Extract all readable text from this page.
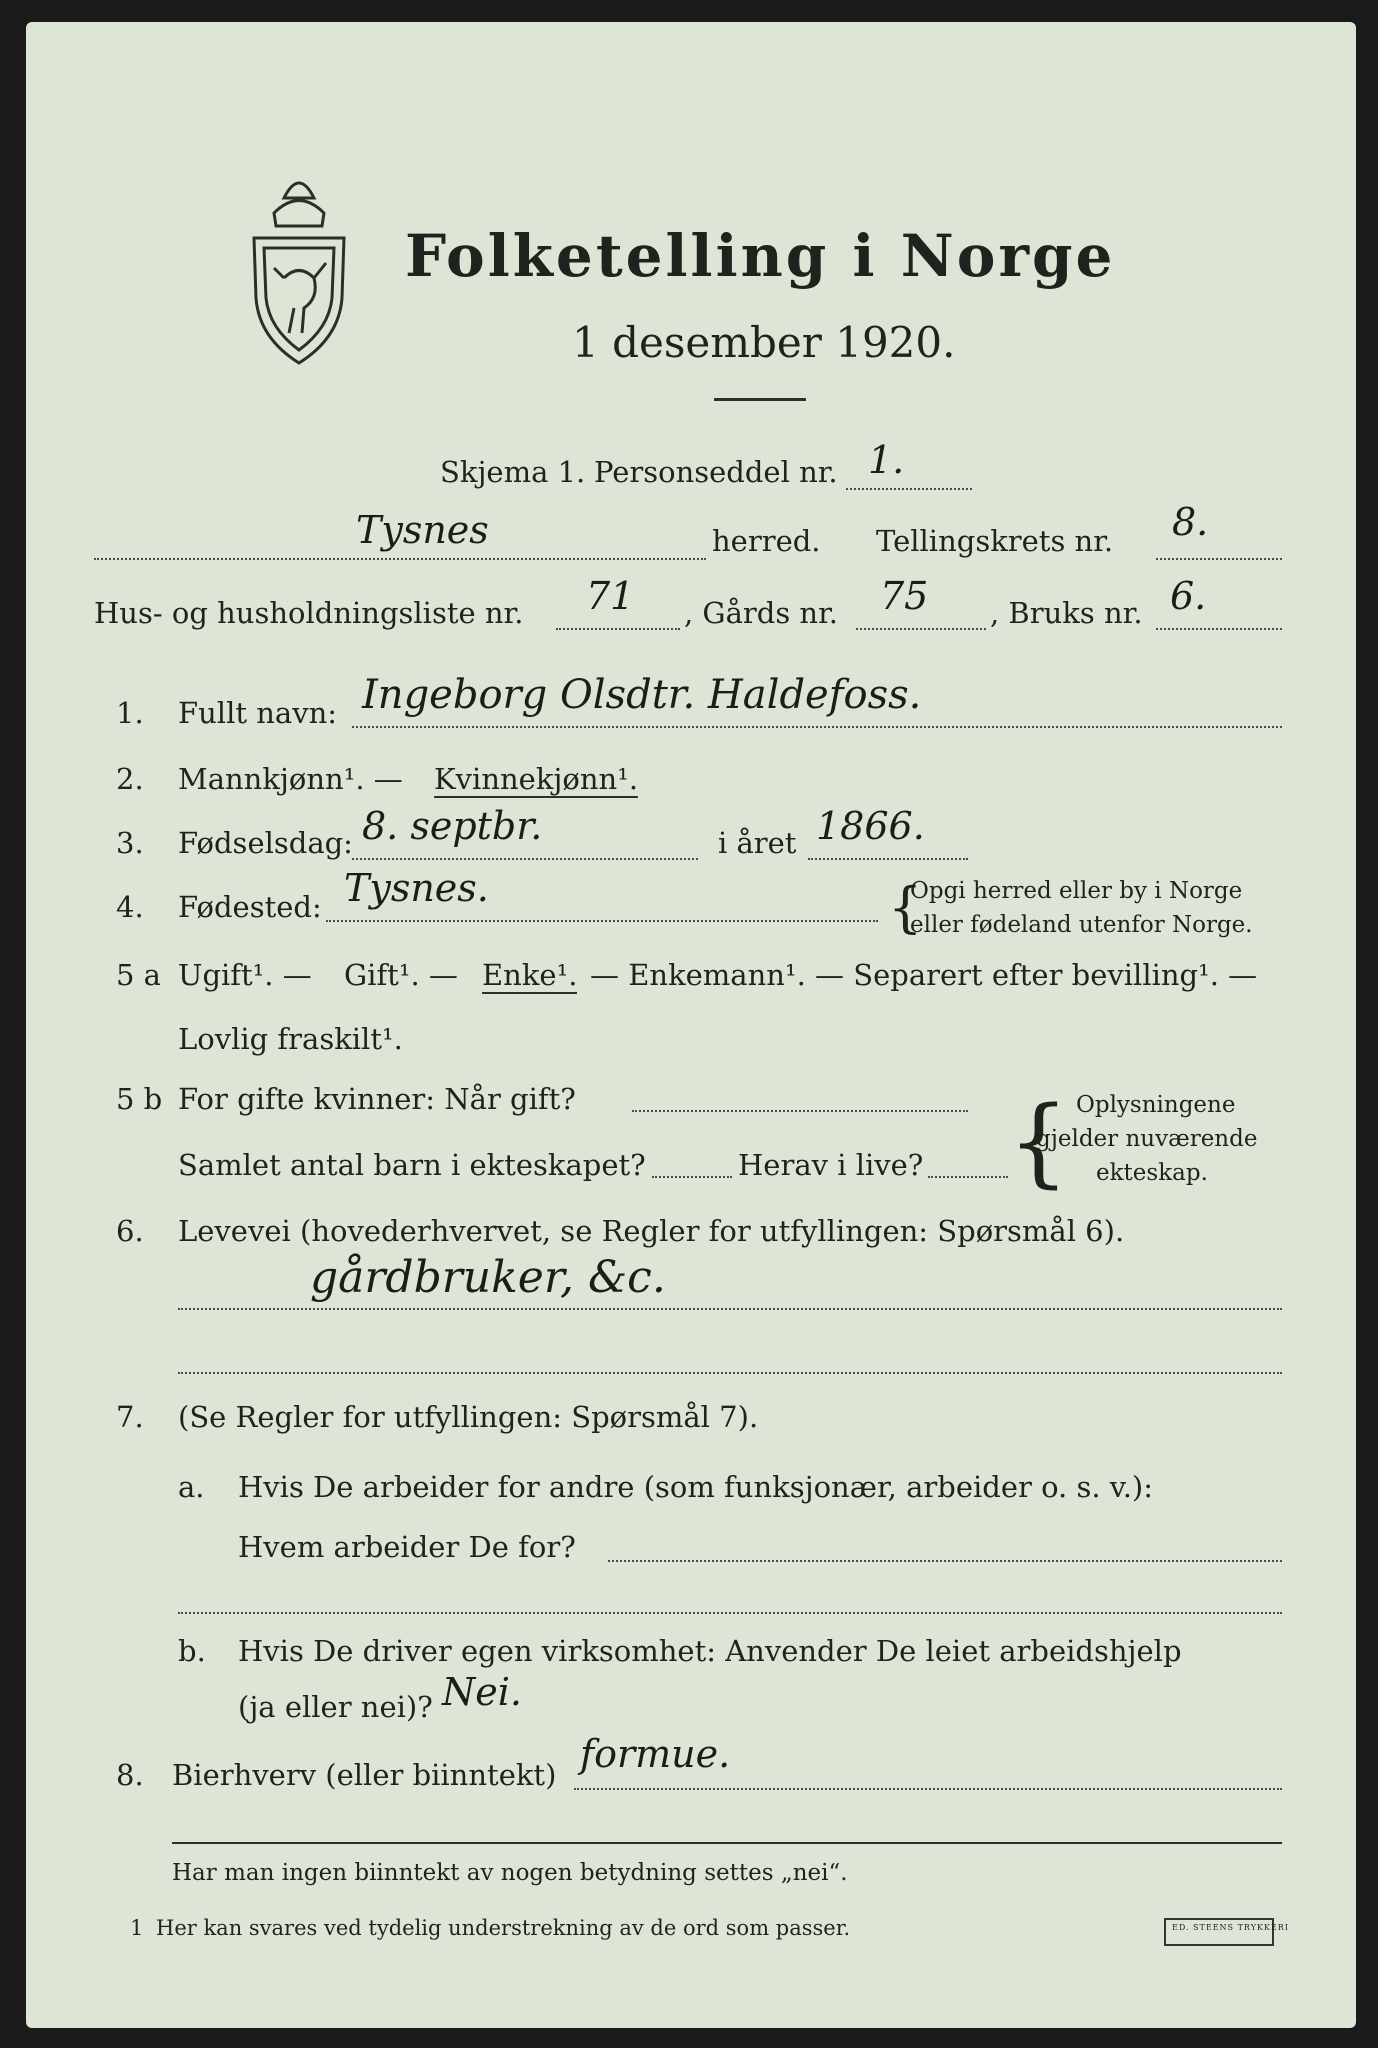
Folketelling i Norge
1 desember 1920.
Skjema 1. Personseddel nr. 1.
Tysnes	herred. Tellingskrets nr. 8.
Hus- og husholdningsliste nr. 71 , Gårds nr. 75 , Bruks nr. 6.
1. Fullt navn: Ingeborg Olsdtr. Haldefoss.
2. Mannkjønn¹. — Kvinnekjønn¹.
3. Fødselsdag: 8. septbr.	i året 1866.
4. Fødested: Tysnes.	{
Opgi herred eller by i Norge
eller fødeland utenfor Norge.
5 a Ugift¹. — Gift¹. — Enke¹. — Enkemann¹. — Separert efter bevilling¹. —
Lovlig fraskilt¹.
5 b For gifte kvinner: Når gift?
Samlet antal barn i ekteskapet?	Herav i live? { Oplysningene
gjelder nuværende
ekteskap.
6. Levevei (hovederhvervet, se Regler for utfyllingen: Spørsmål 6).
gårdbruker, &c.
7. (Se Regler for utfyllingen: Spørsmål 7).
a. Hvis De arbeider for andre (som funksjonær, arbeider o. s. v.):
Hvem arbeider De for?
b. Hvis De driver egen virksomhet: Anvender De leiet arbeidshjelp
(ja eller nei)? Nei.
8. Bierhverv (eller biinntekt) formue.
Har man ingen biinntekt av nogen betydning settes „nei“.
1 Her kan svares ved tydelig understrekning av de ord som passer.	ED. STEENS TRYKKERI
